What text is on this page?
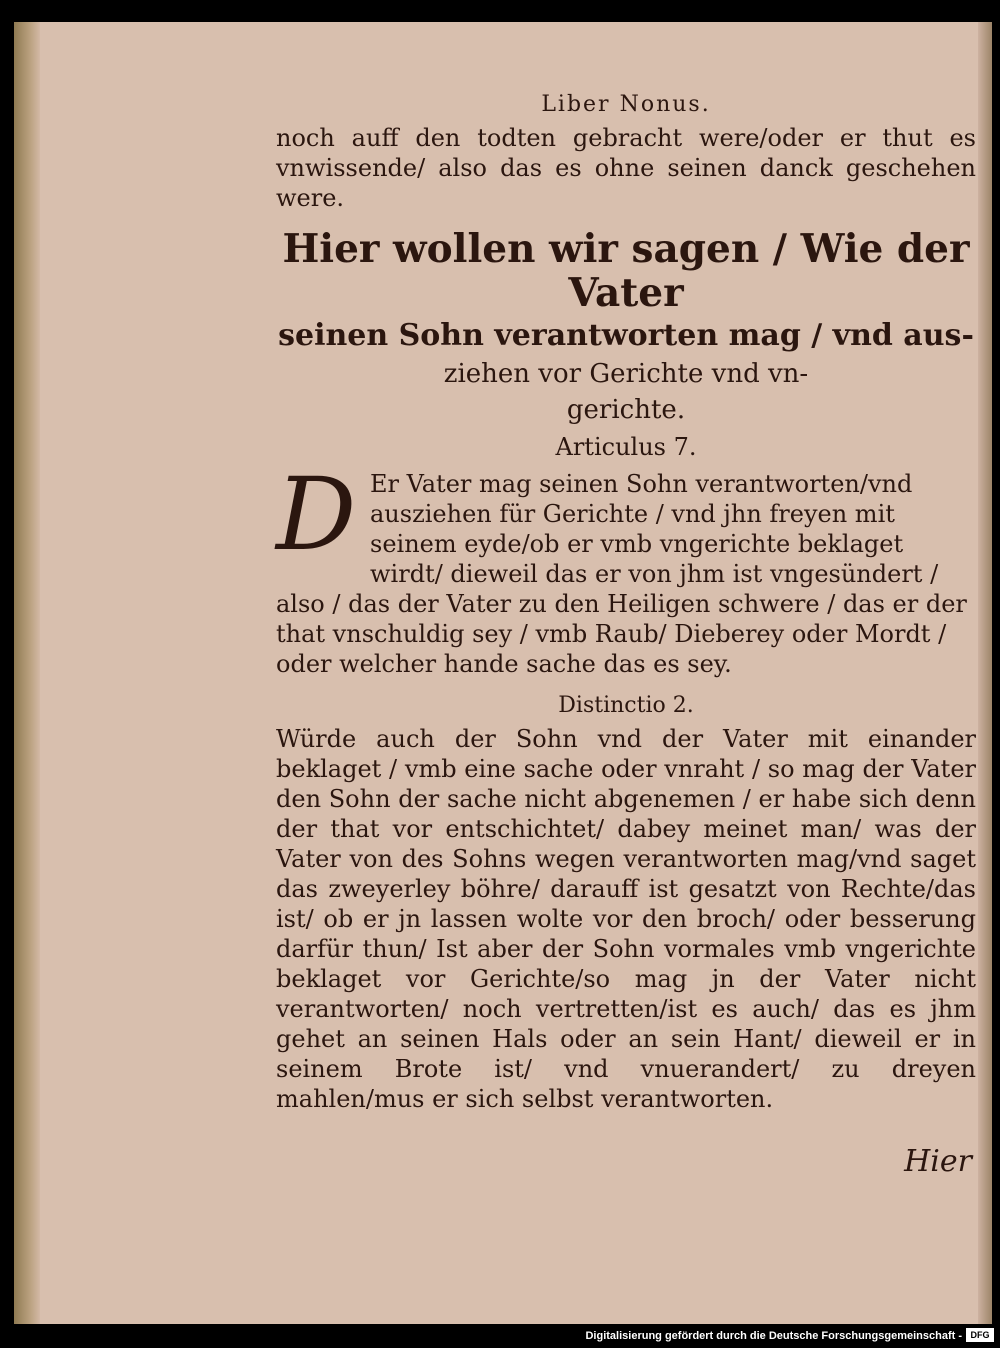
Liber Nonus.

noch auff den todten gebracht were/oder er thut es vnwissende/ also das es ohne seinen danck geschehen were.

Hier wollen wir sagen / Wie der Vater
seinen Sohn verantworten mag / vnd aus-
ziehen vor Gerichte vnd vn-
gerichte.
Articulus 7.
D Er Vater mag seinen Sohn verantworten/vnd ausziehen für Gerichte / vnd jhn freyen mit seinem eyde/ob er vmb vngerichte beklaget wirdt/ dieweil das er von jhm ist vngesündert / also / das der Vater zu den Heiligen schwere / das er der that vnschuldig sey / vmb Raub/ Dieberey oder Mordt / oder welcher hande sache das es sey.
Distinctio 2.

Würde auch der Sohn vnd der Vater mit einander beklaget / vmb eine sache oder vnraht / so mag der Vater den Sohn der sache nicht abgenemen / er habe sich denn der that vor entschichtet/ dabey meinet man/ was der Vater von des Sohns wegen verantworten mag/vnd saget das zweyerley böhre/ darauff ist gesatzt von Rechte/das ist/ ob er jn lassen wolte vor den broch/ oder besserung darfür thun/ Ist aber der Sohn vormales vmb vngerichte beklaget vor Gerichte/so mag jn der Vater nicht verantworten/ noch vertretten/ist es auch/ das es jhm gehet an seinen Hals oder an sein Hant/ dieweil er in seinem Brote ist/ vnd vnuerandert/ zu dreyen mahlen/mus er sich selbst verantworten.

Hier
Digitalisierung gefördert durch die Deutsche Forschungsgemeinschaft - DFG
